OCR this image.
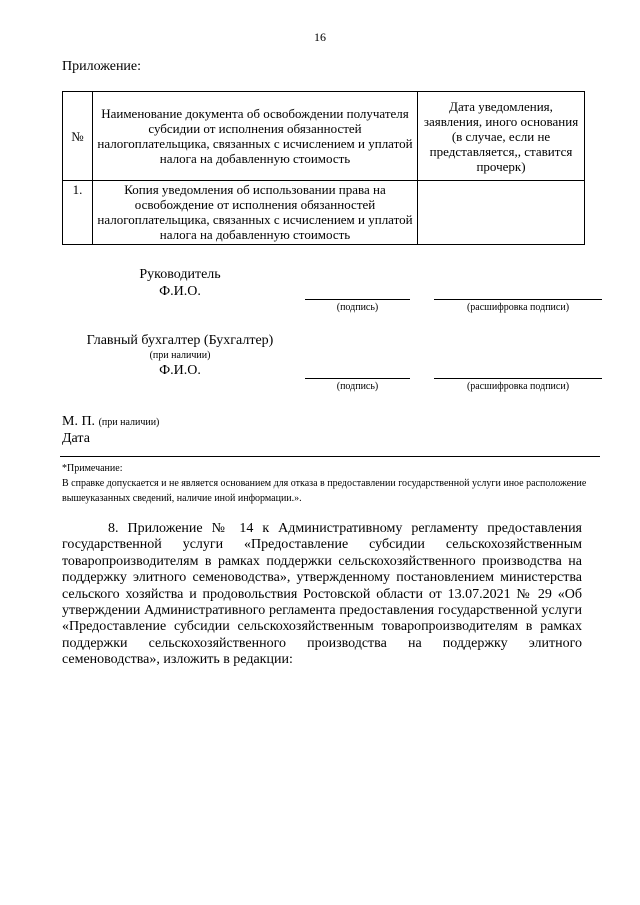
16
Приложение:
№	Наименование документа об освобождении получателя субсидии от исполнения обязанностей налогоплательщика, связанных с исчислением и уплатой налога на добавленную стоимость	Дата уведомления, заявления, иного основания (в случае, если не представляется,, ставится прочерк)
1.	Копия уведомления об использовании права на освобождение от исполнения обязанностей налогоплательщика, связанных с исчислением и уплатой налога на добавленную стоимость	
Руководитель
Ф.И.О.
(подпись)	(расшифровка подписи)
Главный бухгалтер (Бухгалтер)
(при наличии)
Ф.И.О.
(подпись)	(расшифровка подписи)
М. П. (при наличии)
Дата
*Примечание:
В справке допускается и не является основанием для отказа в предоставлении государственной услуги иное расположение вышеуказанных сведений, наличие иной информации.».
8. Приложение № 14 к Административному регламенту предоставления государственной услуги «Предоставление субсидии сельскохозяйственным товаропроизводителям в рамках поддержки сельскохозяйственного производства на поддержку элитного семеноводства», утвержденному постановлением министерства сельского хозяйства и продовольствия Ростовской области от 13.07.2021 № 29 «Об утверждении Административного регламента предоставления государственной услуги «Предоставление субсидии сельскохозяйственным товаропроизводителям в рамках поддержки сельскохозяйственного производства на поддержку элитного семеноводства», изложить в редакции:
